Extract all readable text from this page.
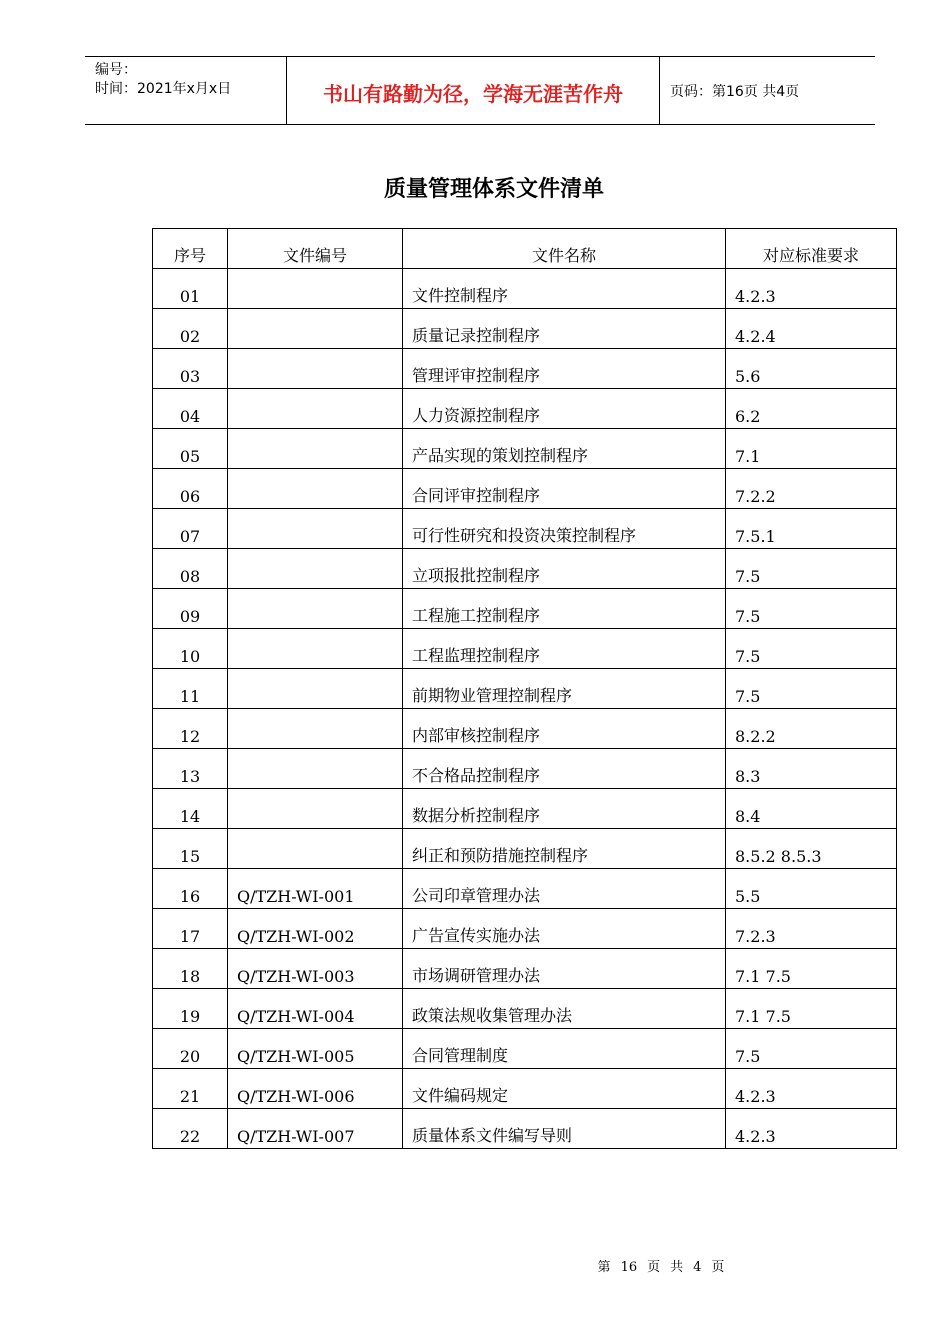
编号：
时间：2021年x月x日	书山有路勤为径，学海无涯苦作舟	页码：第16页 共4页
质量管理体系文件清单
序号	文件编号	文件名称	对应标准要求
01		文件控制程序	4.2.3
02		质量记录控制程序	4.2.4
03		管理评审控制程序	5.6
04		人力资源控制程序	6.2
05		产品实现的策划控制程序	7.1
06		合同评审控制程序	7.2.2
07		可行性研究和投资决策控制程序	7.5.1
08		立项报批控制程序	7.5
09		工程施工控制程序	7.5
10		工程监理控制程序	7.5
11		前期物业管理控制程序	7.5
12		内部审核控制程序	8.2.2
13		不合格品控制程序	8.3
14		数据分析控制程序	8.4
15		纠正和预防措施控制程序	8.5.2 8.5.3
16	Q/TZH-WI-001	公司印章管理办法	5.5
17	Q/TZH-WI-002	广告宣传实施办法	7.2.3
18	Q/TZH-WI-003	市场调研管理办法	7.1 7.5
19	Q/TZH-WI-004	政策法规收集管理办法	7.1 7.5
20	Q/TZH-WI-005	合同管理制度	7.5
21	Q/TZH-WI-006	文件编码规定	4.2.3
22	Q/TZH-WI-007	质量体系文件编写导则	4.2.3
第 16 页 共 4 页
